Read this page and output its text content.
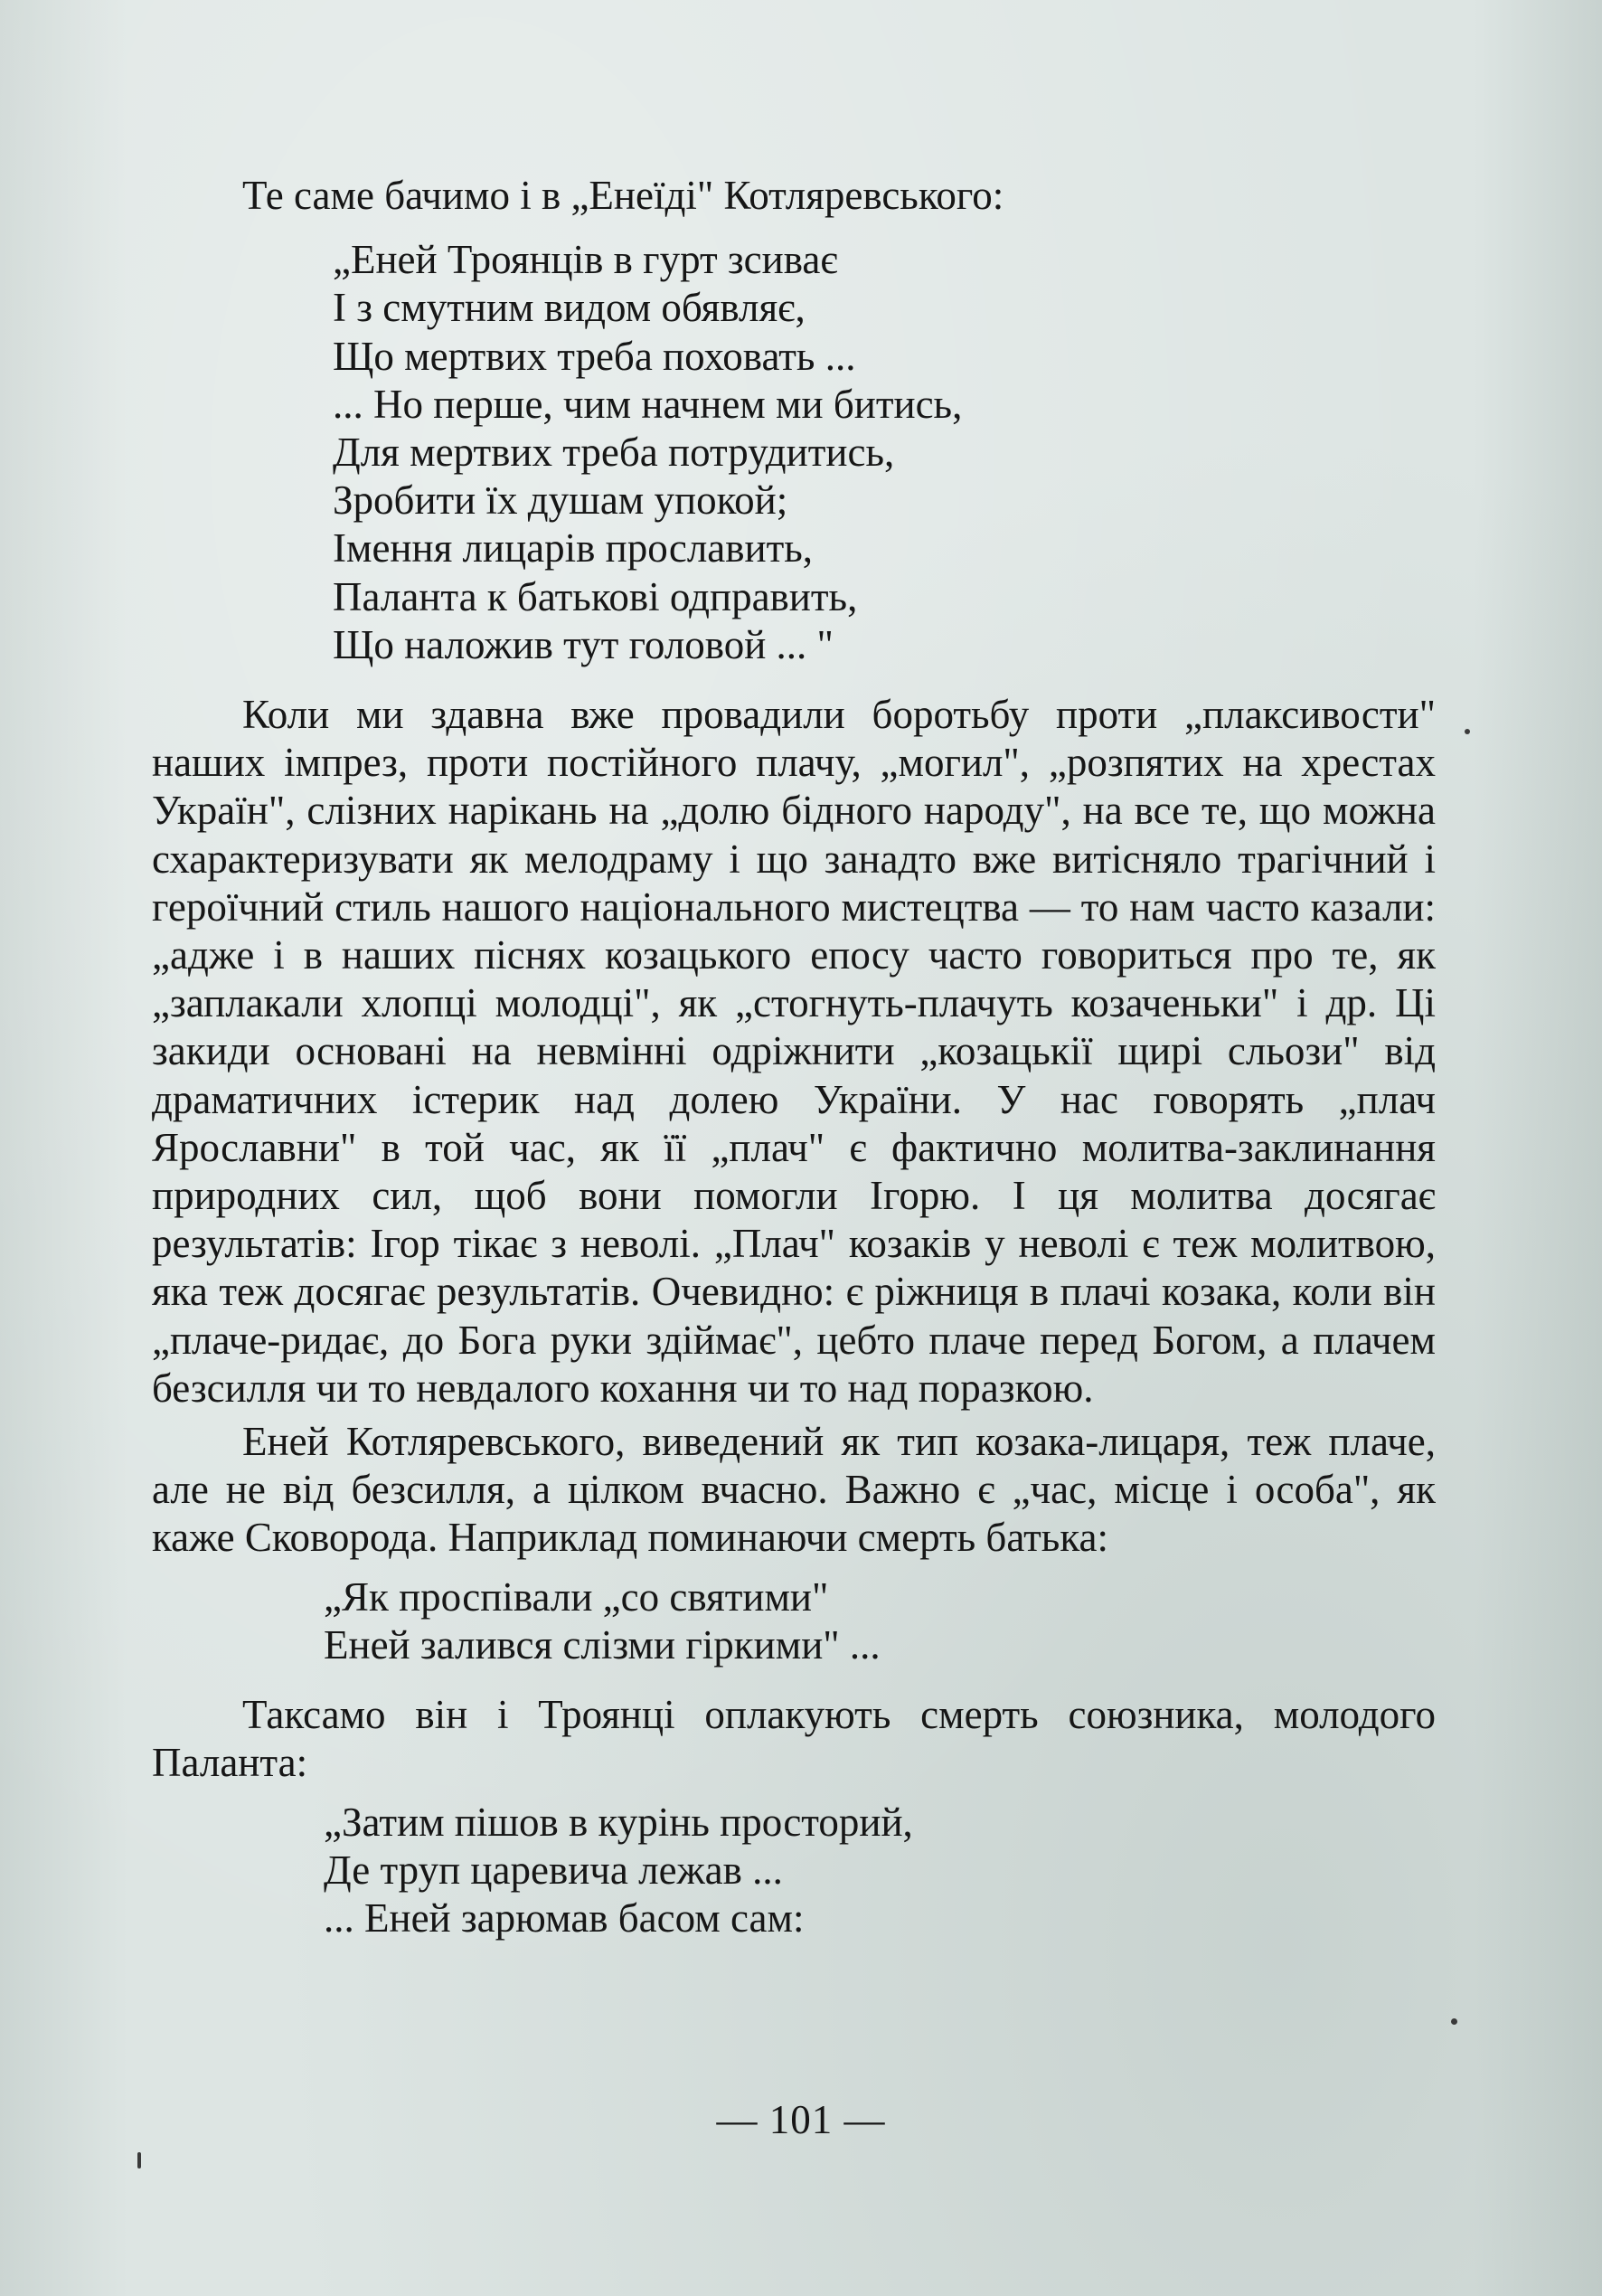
Те саме бачимо і в „Енеїді" Котляревського:
„Еней Троянців в гурт зсиває
І з смутним видом обявляє,
Що мертвих треба поховать ...
... Но перше, чим начнем ми битись,
Для мертвих треба потрудитись,
Зробити їх душам упокой;
Імення лицарів прославить,
Паланта к батькові одправить,
Що наложив тут головой ... "

Коли ми здавна вже провадили боротьбу проти „плаксивости" наших імпрез, проти постійного плачу, „могил", „розпятих на хрестах Україн", слізних нарікань на „долю бідного народу", на все те, що можна схарактеризувати як мелодраму і що занадто вже витісняло трагічний і героїчний стиль нашого національного мистецтва — то нам часто казали: „адже і в наших піснях козацького епосу часто говориться про те, як „заплакали хлопці молодці", як „стогнуть-плачуть козаченьки" і др. Ці закиди основані на невмінні одріжнити „козацькії щирі сльози" від драматичних істерик над долею України. У нас говорять „плач Ярославни" в той час, як її „плач" є фактично молитва-заклинання природних сил, щоб вони помогли Ігорю. І ця молитва досягає результатів: Ігор тікає з неволі. „Плач" козаків у неволі є теж молитвою, яка теж досягає результатів. Очевидно: є ріжниця в плачі козака, коли він „плаче-ридає, до Бога руки здіймає", цебто плаче перед Богом, а плачем безсилля чи то невдалого кохання чи то над поразкою.

Еней Котляревського, виведений як тип козака-лицаря, теж плаче, але не від безсилля, а цілком вчасно. Важно є „час, місце і особа", як каже Сковорода. Наприклад поминаючи смерть батька:

„Як проспівали „со святими"
Еней залився слізми гіркими" ...

Таксамо він і Троянці оплакують смерть союзника, молодого Паланта:

„Затим пішов в курінь просторий,
Де труп царевича лежав ...
... Еней зарюмав басом сам:
— 101 —
